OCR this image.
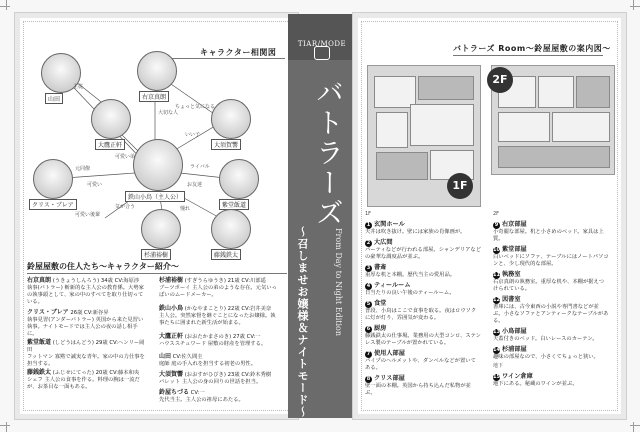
キャラクター相関図
山田	右京真朗
大須賀響
大鷹正軒
鉄山小鳥（主人公）
紫堂飯道
クリス・ブレア
杉浦裕樹	藤銭鉄太
主従
大切な人
可愛い弟
いい子
ちょっと気になる
ライバル
元同僚
可愛い	お友達
気が合う	憧れ
可愛い後輩
鈴屋屋敷の住人たち〜キャラクター紹介〜
右京真朗 (うきょうしんろう) 34歳 CV:海原渉
執事(バトラー) 斬新的な主人公の教育係。大勢家の執事頭として、家の中のすべてを取り仕切っている。
クリス・ブレア 26歳 CV:新谷昇
執事見習(アンダーバトラー) 英国から来た見習い執事。ナイトモードでは主人公の夜の話し相手に。
紫堂飯道 (しどうはんどう) 29歳 CV:ヘンリー岡田
フットマン 寡黙で誠実な青年。家の中の力仕事を担当する。
藤銭鉄太 (ふじせにてった) 20歳 CV:藤本和央
シェフ 主人公の食事を作る。料理の腕は一流だが、お茶目な一面もある。
杉浦裕樹 (すぎうらゆうき) 21歳 CV:川部遥
ブーツボーイ 主人公の弟のような存在。元気いっぱいのムードメーカー。
鉄山小鳥 (かなやまことり) 22歳 CV:岩井美奈
主人公。突然家督を継ぐことになったお嬢様。執事たちに囲まれた新生活が始まる。
大鷹正軒 (おおたかまさのき) 27歳 CV:一
ハウススチュワード 屋敷の財産を管理する。
山田 CV:佐久間圭
庭師 庭の手入れを担当する初老の男性。
大須賀響 (おおすがひびき) 23歳 CV:鈴木秀樹
バレット 主人公の身の回りの世話を担当。
鈴屋ちづる CV:一
先代当主。主人公の祖母にあたる。
TIAR/MODE
バトラーズ
〜召しませお嬢様＆ナイトモード〜	From Day to Night Edition
バトラーズ Room〜鈴屋屋敷の案内図〜
1F
2F
1F
1 玄関ホール
天井は吹き抜け。壁には家族の肖像画が。
2 大広間
パーティなどが行われる部屋。シャンデリアなどの豪華な調度品が並ぶ。
3 書斎
重厚な机と本棚。歴代当主の愛用品。
4 ティールーム
日当たりの良い午後のティールーム。
5 食堂
普段、小鳥はここで食事を取る。夜はロウソクに灯が灯り、雰囲気が変わる。
6 厨房
藤銭鉄太の仕事場。業務用の大型コンロ、ステンレス製のテーブルが置かれている。
7 使用人部屋
パイプのヘルメットや、ダンベルなどが置いてある。
8 クリス部屋
壁一面の本棚。英国から持ち込んだ私物が並ぶ。
2F
9 右京部屋
小奇麗な部屋。机と小さめのベッド。家具は上質。
10 紫堂部屋
白いベッドにソファ、テーブルにはノートパソコンと、少し現代的な部屋。
11 執務室
右京真朗の執務室。重厚な机や、本棚が据えつけられている。
12 図書室
書庫には、古今東西の小説や専門書などが並ぶ。小さなソファとアンティークなテーブルがある。
13 小鳥部屋
天蓋付きのベッド。白いレースのカーテン。
14 杉浦部屋
趣味の部屋なので、小さくてちょっと狭い。
地下
15 ワイン倉庫
地下にある。秘蔵のワインが並ぶ。
